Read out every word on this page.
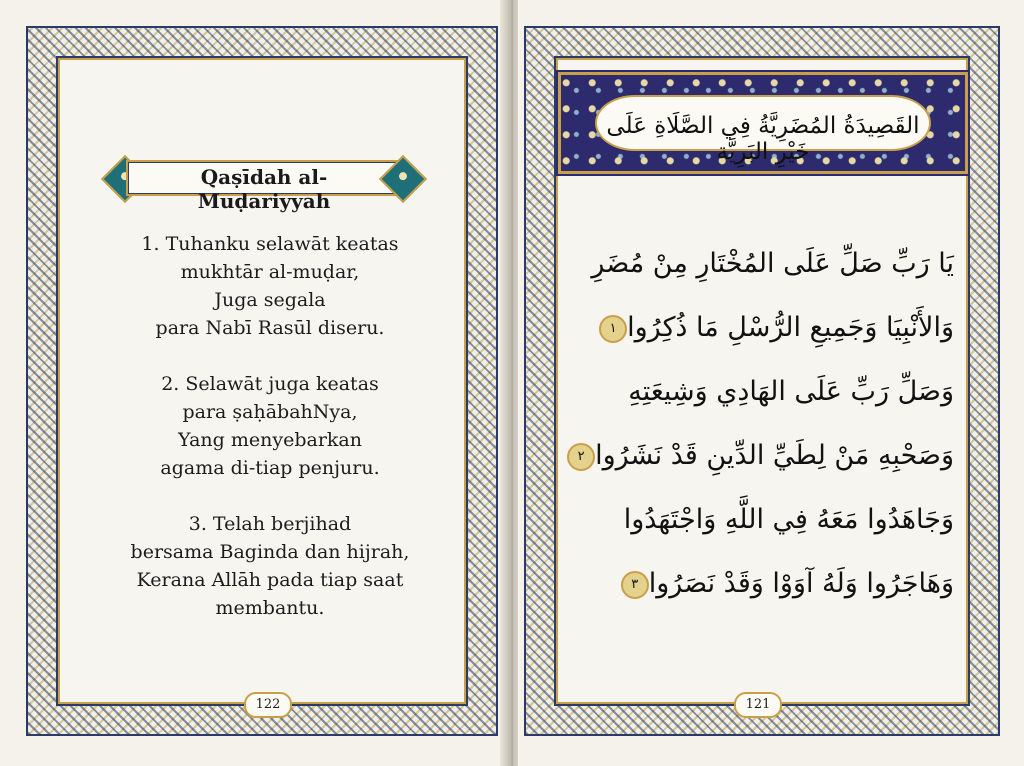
Qaṣīdah al-Muḍariyyah
1. Tuhanku selawāt keatas
mukhtār al-muḍar,
Juga segala
para Nabī Rasūl diseru.
2. Selawāt juga keatas
para ṣaḥābahNya,
Yang menyebarkan
agama di-tiap penjuru.
3. Telah berjihad
bersama Baginda dan hijrah,
Kerana Allāh pada tiap saat
membantu.
122
القَصِيدَةُ المُضَرِيَّةُ فِي الصَّلَاةِ عَلَى خَيْرِ البَرِيَّة
يَا رَبِّ صَلِّ عَلَى المُخْتَارِ مِنْ مُضَرِ
وَالأَنْبِيَا وَجَمِيعِ الرُّسْلِ مَا ذُكِرُوا١
وَصَلِّ رَبِّ عَلَى الهَادِي وَشِيعَتِهِ
وَصَحْبِهِ مَنْ لِطَيِّ الدِّينِ قَدْ نَشَرُوا٢
وَجَاهَدُوا مَعَهُ فِي اللَّهِ وَاجْتَهَدُوا
وَهَاجَرُوا وَلَهُ آوَوْا وَقَدْ نَصَرُوا٣
121
